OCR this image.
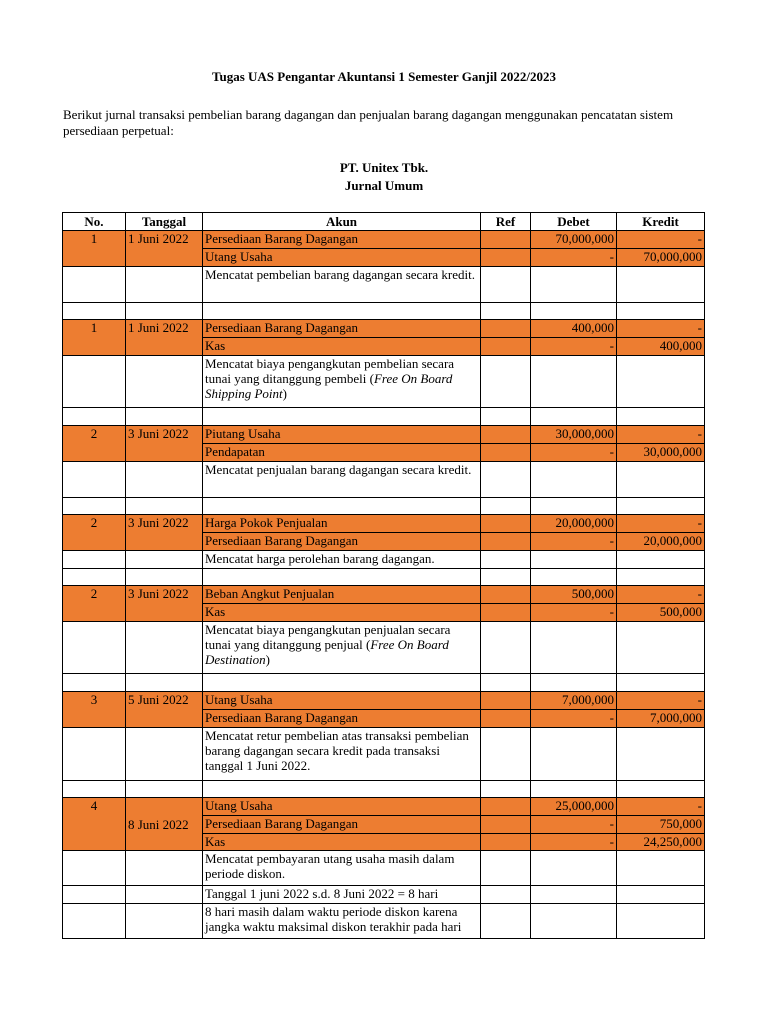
Tugas UAS Pengantar Akuntansi 1 Semester Ganjil 2022/2023
Berikut jurnal transaksi pembelian barang dagangan dan penjualan barang dagangan menggunakan pencatatan sistem persediaan perpetual:
PT. Unitex Tbk.
Jurnal Umum
No.	Tanggal	Akun	Ref	Debet	Kredit
1	1 Juni 2022	Persediaan Barang Dagangan		70,000,000	-
		Utang Usaha		-	70,000,000
		Mencatat pembelian barang dagangan secara kredit.			

1	1 Juni 2022	Persediaan Barang Dagangan		400,000	-
		Kas		-	400,000
		Mencatat biaya pengangkutan pembelian secara tunai yang ditanggung pembeli (Free On Board Shipping Point)			

2	3 Juni 2022	Piutang Usaha		30,000,000	-
		Pendapatan		-	30,000,000
		Mencatat penjualan barang dagangan secara kredit.			

2	3 Juni 2022	Harga Pokok Penjualan		20,000,000	-
		Persediaan Barang Dagangan		-	20,000,000
		Mencatat harga perolehan barang dagangan.			

2	3 Juni 2022	Beban Angkut Penjualan		500,000	-
		Kas		-	500,000
		Mencatat biaya pengangkutan penjualan secara tunai yang ditanggung penjual (Free On Board Destination)			

3	5 Juni 2022	Utang Usaha		7,000,000	-
		Persediaan Barang Dagangan		-	7,000,000
		Mencatat retur pembelian atas transaksi pembelian barang dagangan secara kredit pada transaksi tanggal 1 Juni 2022.			

4	8 Juni 2022	Utang Usaha		25,000,000	-
		Persediaan Barang Dagangan		-	750,000
		Kas		-	24,250,000
		Mencatat pembayaran utang usaha masih dalam periode diskon.			
		Tanggal 1 juni 2022 s.d. 8 Juni 2022 = 8 hari			
		8 hari masih dalam waktu periode diskon karena jangka waktu maksimal diskon terakhir pada hari			
